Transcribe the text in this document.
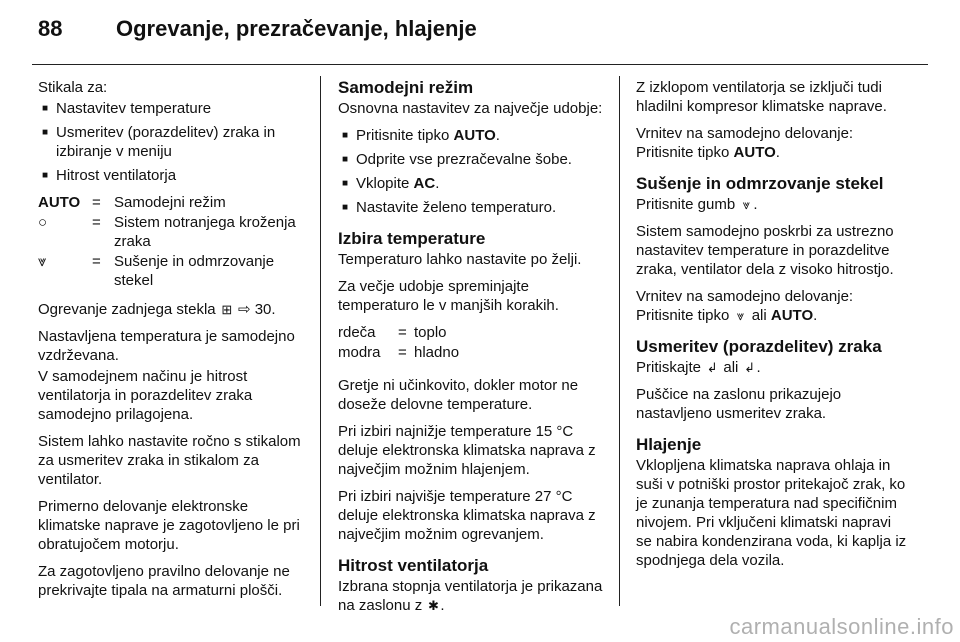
88 Ogrevanje, prezračevanje, hlajenje

Stikala za:

■ Nastavitev temperature
■ Usmeritev (porazdelitev) zraka in izbiranje v meniju
■ Hitrost ventilatorja
AUTO = Samodejni režim
○	= Sistem notranjega kroženja zraka
⩔	= Sušenje in odmrzovanje stekel

Ogrevanje zadnjega stekla ⊞ ⇨ 30.

Nastavljena temperatura je samodejno vzdrževana.

V samodejnem načinu je hitrost ventilatorja in porazdelitev zraka samodejno prilagojena.

Sistem lahko nastavite ročno s stikalom za usmeritev zraka in stikalom za ventilator.

Primerno delovanje elektronske klimatske naprave je zagotovljeno le pri obratujočem motorju.

Za zagotovljeno pravilno delovanje ne prekrivajte tipala na armaturni plošči.

Samodejni režim

Osnovna nastavitev za največje udobje:

■ Pritisnite tipko AUTO.
■ Odprite vse prezračevalne šobe.
■ Vklopite AC.
■ Nastavite želeno temperaturo.
Izbira temperature

Temperaturo lahko nastavite po želji.

Za večje udobje spreminjajte temperaturo le v manjših korakih.

rdeča	= toplo
modra	= hladno

Gretje ni učinkovito, dokler motor ne doseže delovne temperature.

Pri izbiri najnižje temperature 15 °C deluje elektronska klimatska naprava z največjim možnim hlajenjem.

Pri izbiri najvišje temperature 27 °C deluje elektronska klimatska naprava z največjim možnim ogrevanjem.

Hitrost ventilatorja

Izbrana stopnja ventilatorja je prikazana na zaslonu z ✱ .

Z izklopom ventilatorja se izključi tudi hladilni kompresor klimatske naprave.

Vrnitev na samodejno delovanje:

Pritisnite tipko AUTO.

Sušenje in odmrzovanje stekel

Pritisnite gumb ⩔ .

Sistem samodejno poskrbi za ustrezno nastavitev temperature in porazdelitve zraka, ventilator dela z visoko hitrostjo.

Vrnitev na samodejno delovanje:

Pritisnite tipko ⩔ ali AUTO.

Usmeritev (porazdelitev) zraka

Pritiskajte ↲ ali ↲ .

Puščice na zaslonu prikazujejo nastavljeno usmeritev zraka.

Hlajenje

Vklopljena klimatska naprava ohlaja in suši v potniški prostor pritekajoč zrak, ko je zunanja temperatura nad specifičnim nivojem. Pri vključeni klimatski napravi se nabira kondenzirana voda, ki kaplja iz spodnjega dela vozila.

carmanualsonline.info
